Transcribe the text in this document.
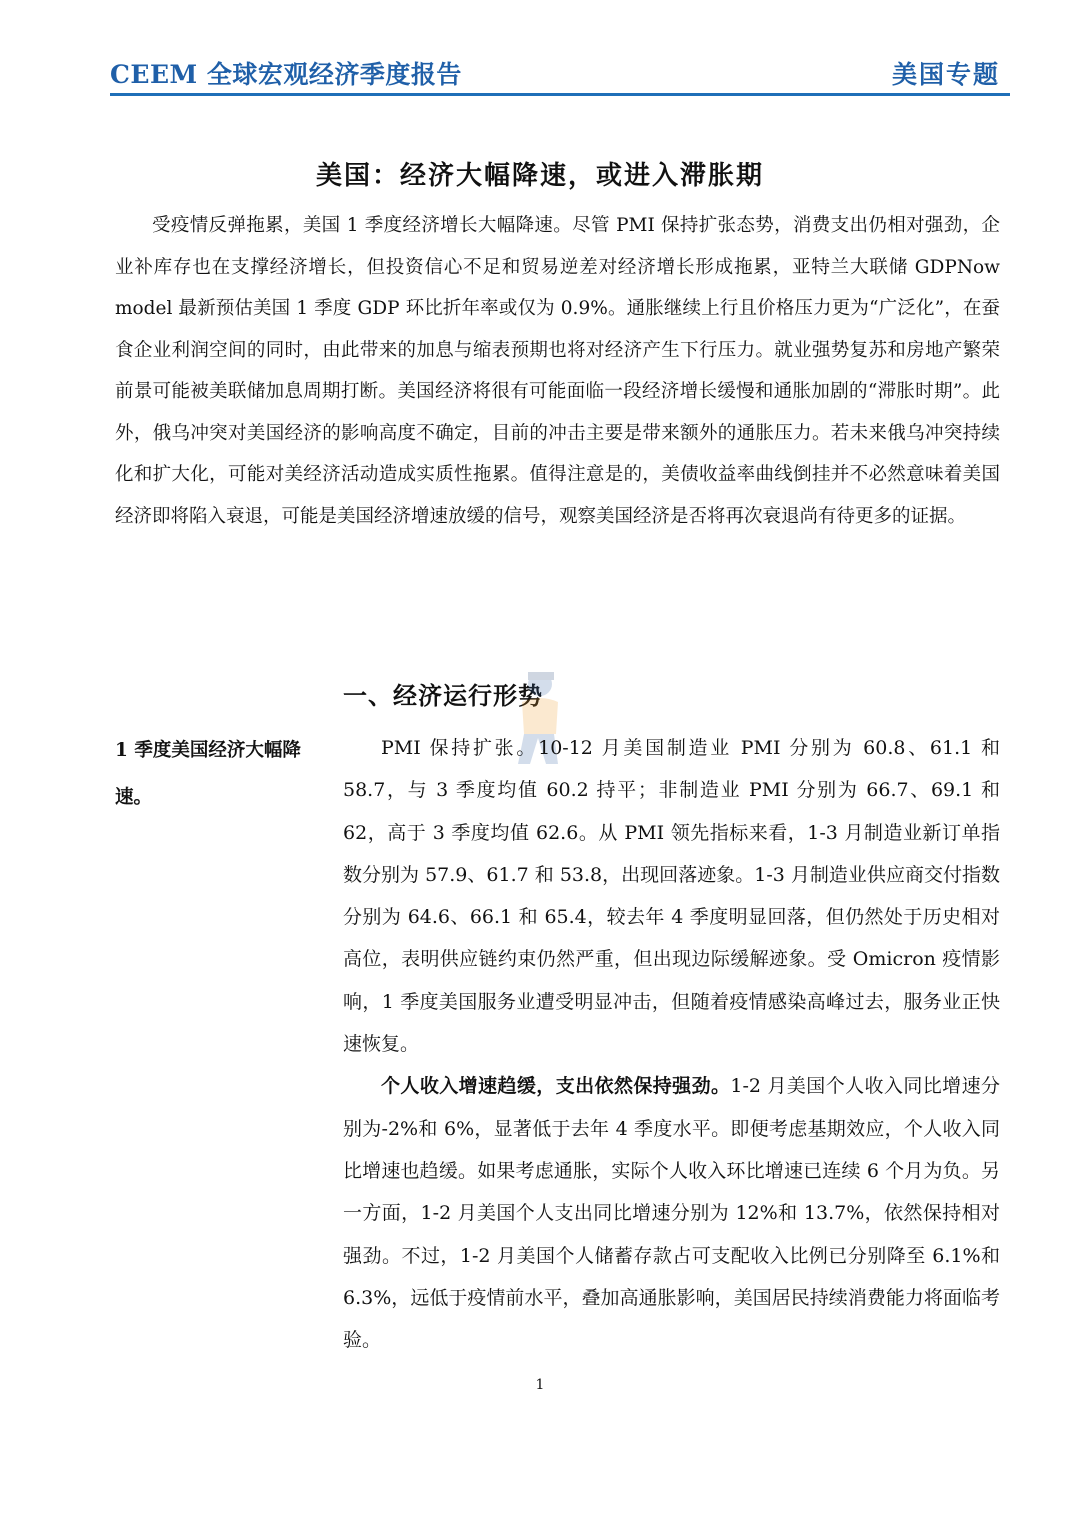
CEEM 全球宏观经济季度报告	美国专题
美国：经济大幅降速，或进入滞胀期

受疫情反弹拖累，美国 1 季度经济增长大幅降速。尽管 PMI 保持扩张态势，消费支出仍相对强劲，企业补库存也在支撑经济增长，但投资信心不足和贸易逆差对经济增长形成拖累，亚特兰大联储 GDPNow model 最新预估美国 1 季度 GDP 环比折年率或仅为 0.9%。通胀继续上行且价格压力更为“广泛化”，在蚕食企业利润空间的同时，由此带来的加息与缩表预期也将对经济产生下行压力。就业强势复苏和房地产繁荣前景可能被美联储加息周期打断。美国经济将很有可能面临一段经济增长缓慢和通胀加剧的“滞胀时期”。此外，俄乌冲突对美国经济的影响高度不确定，目前的冲击主要是带来额外的通胀压力。若未来俄乌冲突持续化和扩大化，可能对美经济活动造成实质性拖累。值得注意是的，美债收益率曲线倒挂并不必然意味着美国经济即将陷入衰退，可能是美国经济增速放缓的信号，观察美国经济是否将再次衰退尚有待更多的证据。

一、经济运行形势

1 季度美国经济大幅降速。

PMI 保持扩张。10-12 月美国制造业 PMI 分别为 60.8、61.1 和 58.7，与 3 季度均值 60.2 持平；非制造业 PMI 分别为 66.7、69.1 和 62，高于 3 季度均值 62.6。从 PMI 领先指标来看，1-3 月制造业新订单指数分别为 57.9、61.7 和 53.8，出现回落迹象。1-3 月制造业供应商交付指数分别为 64.6、66.1 和 65.4，较去年 4 季度明显回落，但仍然处于历史相对高位，表明供应链约束仍然严重，但出现边际缓解迹象。受 Omicron 疫情影响，1 季度美国服务业遭受明显冲击，但随着疫情感染高峰过去，服务业正快速恢复。

个人收入增速趋缓，支出依然保持强劲。1-2 月美国个人收入同比增速分别为-2%和 6%，显著低于去年 4 季度水平。即便考虑基期效应，个人收入同比增速也趋缓。如果考虑通胀，实际个人收入环比增速已连续 6 个月为负。另一方面，1-2 月美国个人支出同比增速分别为 12%和 13.7%，依然保持相对强劲。不过，1-2 月美国个人储蓄存款占可支配收入比例已分别降至 6.1%和 6.3%，远低于疫情前水平，叠加高通胀影响，美国居民持续消费能力将面临考验。

1
